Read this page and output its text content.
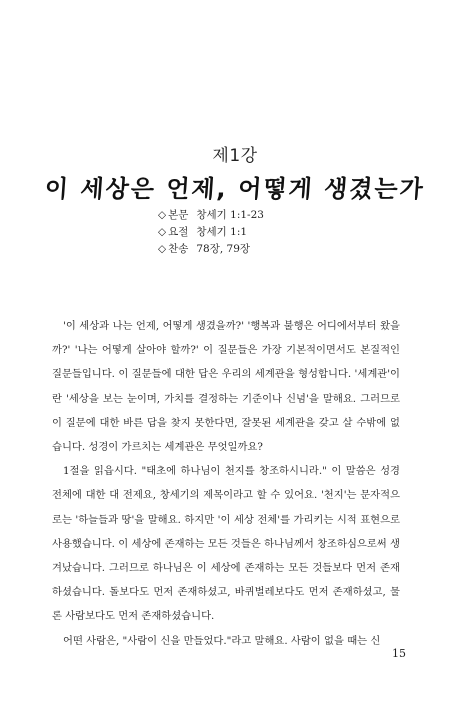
제1강
이 세상은 언제, 어떻게 생겼는가
◇ 본문 창세기 1:1-23
◇ 요절 창세기 1:1
◇ 찬송 78장, 79장

'이 세상과 나는 언제, 어떻게 생겼을까?' '행복과 불행은 어디에서부터 왔을까?' '나는 어떻게 살아야 할까?' 이 질문들은 가장 기본적이면서도 본질적인 질문들입니다. 이 질문들에 대한 답은 우리의 세계관을 형성합니다. '세계관'이란 '세상을 보는 눈이며, 가치를 결정하는 기준이나 신념'을 말해요. 그러므로 이 질문에 대한 바른 답을 찾지 못한다면, 잘못된 세계관을 갖고 살 수밖에 없습니다. 성경이 가르치는 세계관은 무엇일까요?

1절을 읽읍시다. "태초에 하나님이 천지를 창조하시니라." 이 말씀은 성경 전체에 대한 대 전제요, 창세기의 제목이라고 할 수 있어요. '천지'는 문자적으로는 '하늘들과 땅'을 말해요. 하지만 '이 세상 전체'를 가리키는 시적 표현으로 사용했습니다. 이 세상에 존재하는 모든 것들은 하나님께서 창조하심으로써 생겨났습니다. 그러므로 하나님은 이 세상에 존재하는 모든 것들보다 먼저 존재하셨습니다. 돌보다도 먼저 존재하셨고, 바퀴벌레보다도 먼저 존재하셨고, 물론 사람보다도 먼저 존재하셨습니다.

어떤 사람은, "사람이 신을 만들었다."라고 말해요. 사람이 없을 때는 신

15
